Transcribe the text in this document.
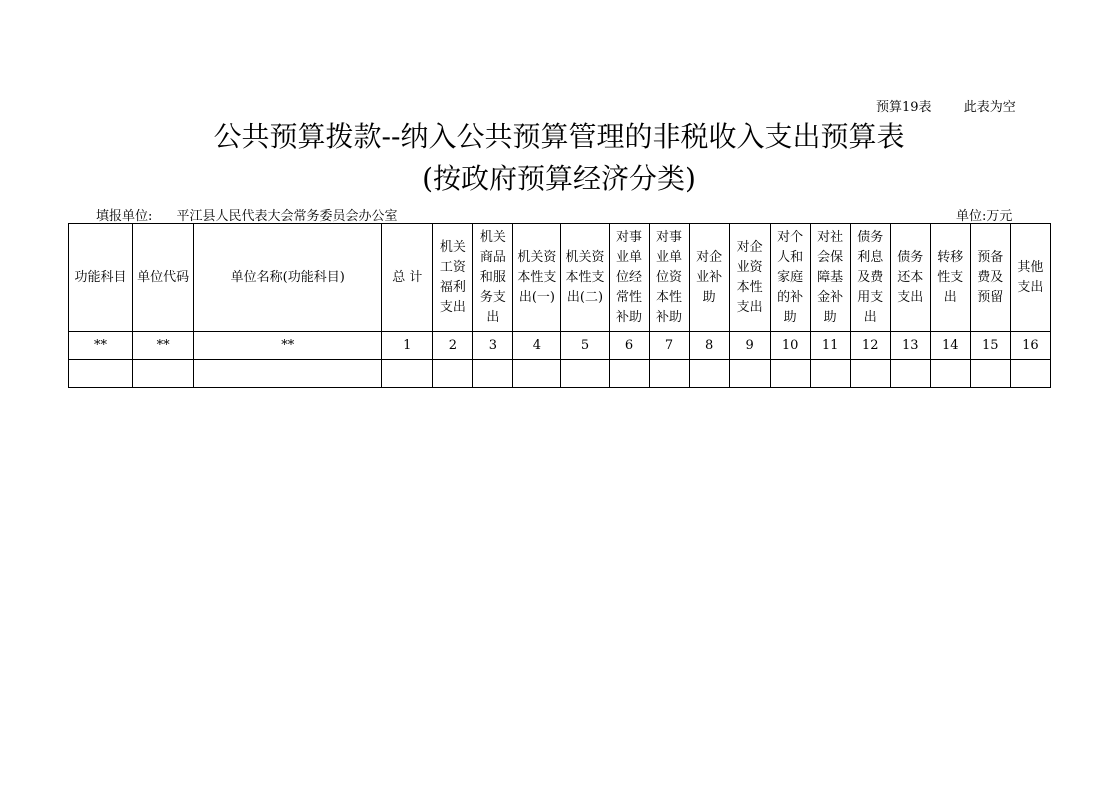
预算19表 此表为空
公共预算拨款--纳入公共预算管理的非税收入支出预算表
(按政府预算经济分类)
填报单位: 平江县人民代表大会常务委员会办公室	单位:万元
功能科目	单位代码	单位名称(功能科目)	总 计	机关工资福利支出	机关商品和服务支出	机关资本性支出(一)	机关资本性支出(二)	对事业单位经常性补助	对事业单位资本性补助	对企业补助	对企业资本性支出	对个人和家庭的补助	对社会保障基金补助	债务利息及费用支出	债务还本支出	转移性支出	预备费及预留	其他支出
**	**	**	1	2	3	4	5	6	7	8	9	10	11	12	13	14	15	16
